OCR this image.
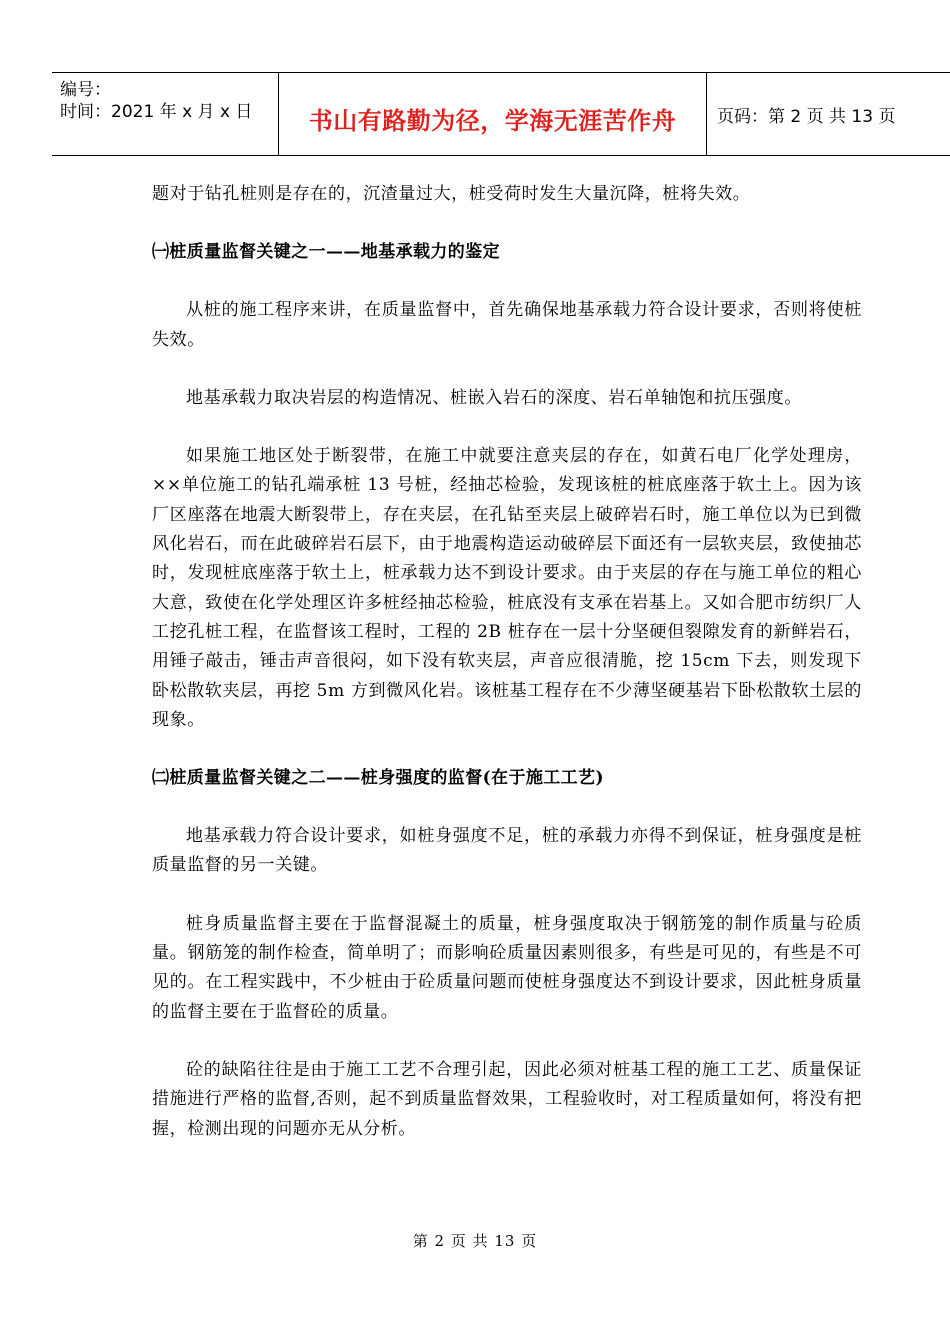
编号：
时间：2021 年 x 月 x 日	书山有路勤为径，学海无涯苦作舟 页码：第 2 页 共 13 页

题对于钻孔桩则是存在的，沉渣量过大，桩受荷时发生大量沉降，桩将失效。

㈠桩质量监督关键之一——地基承载力的鉴定

从桩的施工程序来讲，在质量监督中，首先确保地基承载力符合设计要求，否则将使桩失效。

地基承载力取决岩层的构造情况、桩嵌入岩石的深度、岩石单轴饱和抗压强度。

如果施工地区处于断裂带，在施工中就要注意夹层的存在，如黄石电厂化学处理房，××单位施工的钻孔端承桩 13 号桩，经抽芯检验，发现该桩的桩底座落于软土上。因为该厂区座落在地震大断裂带上，存在夹层，在孔钻至夹层上破碎岩石时，施工单位以为已到微风化岩石，而在此破碎岩石层下，由于地震构造运动破碎层下面还有一层软夹层，致使抽芯时，发现桩底座落于软土上，桩承载力达不到设计要求。由于夹层的存在与施工单位的粗心大意，致使在化学处理区许多桩经抽芯检验，桩底没有支承在岩基上。又如合肥市纺织厂人工挖孔桩工程，在监督该工程时，工程的 2B 桩存在一层十分坚硬但裂隙发育的新鲜岩石，用锤子敲击，锤击声音很闷，如下没有软夹层，声音应很清脆，挖 15cm 下去，则发现下卧松散软夹层，再挖 5m 方到微风化岩。该桩基工程存在不少薄坚硬基岩下卧松散软土层的现象。

㈡桩质量监督关键之二——桩身强度的监督(在于施工工艺)

地基承载力符合设计要求，如桩身强度不足，桩的承载力亦得不到保证，桩身强度是桩质量监督的另一关键。

桩身质量监督主要在于监督混凝土的质量，桩身强度取决于钢筋笼的制作质量与砼质量。钢筋笼的制作检查，简单明了；而影响砼质量因素则很多，有些是可见的，有些是不可见的。在工程实践中，不少桩由于砼质量问题而使桩身强度达不到设计要求，因此桩身质量的监督主要在于监督砼的质量。

砼的缺陷往往是由于施工工艺不合理引起，因此必须对桩基工程的施工工艺、质量保证措施进行严格的监督,否则，起不到质量监督效果，工程验收时，对工程质量如何，将没有把握，检测出现的问题亦无从分析。

第 2 页 共 13 页
